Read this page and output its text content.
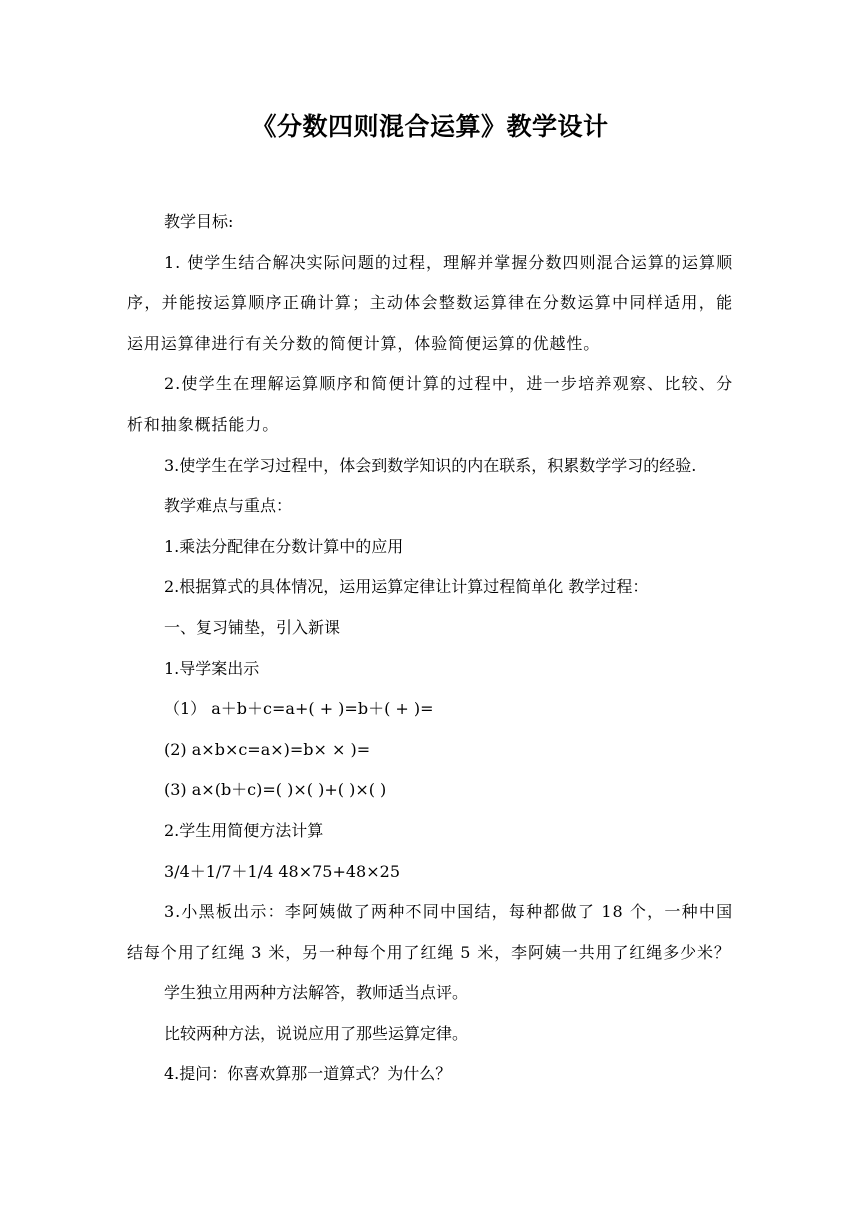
《分数四则混合运算》教学设计

教学目标:

1. 使学生结合解决实际问题的过程，理解并掌握分数四则混合运算的运算顺序，并能按运算顺序正确计算；主动体会整数运算律在分数运算中同样适用，能运用运算律进行有关分数的简便计算，体验简便运算的优越性。

2.使学生在理解运算顺序和简便计算的过程中，进一步培养观察、比较、分析和抽象概括能力。

3.使学生在学习过程中，体会到数学知识的内在联系，积累数学学习的经验.

教学难点与重点：

1.乘法分配律在分数计算中的应用

2.根据算式的具体情况，运用运算定律让计算过程简单化 教学过程：

一、复习铺垫，引入新课

1.导学案出示

（1） a＋b＋c=a+( + )=b＋( + )=

(2) a×b×c=a×)=b× × )=

(3) a×(b＋c)=( )×( )+( )×( )

2.学生用简便方法计算

3/4＋1/7＋1/4 48×75+48×25

3.小黑板出示：李阿姨做了两种不同中国结，每种都做了 18 个，一种中国结每个用了红绳 3 米，另一种每个用了红绳 5 米，李阿姨一共用了红绳多少米？

学生独立用两种方法解答，教师适当点评。

比较两种方法，说说应用了那些运算定律。

4.提问：你喜欢算那一道算式？为什么？
